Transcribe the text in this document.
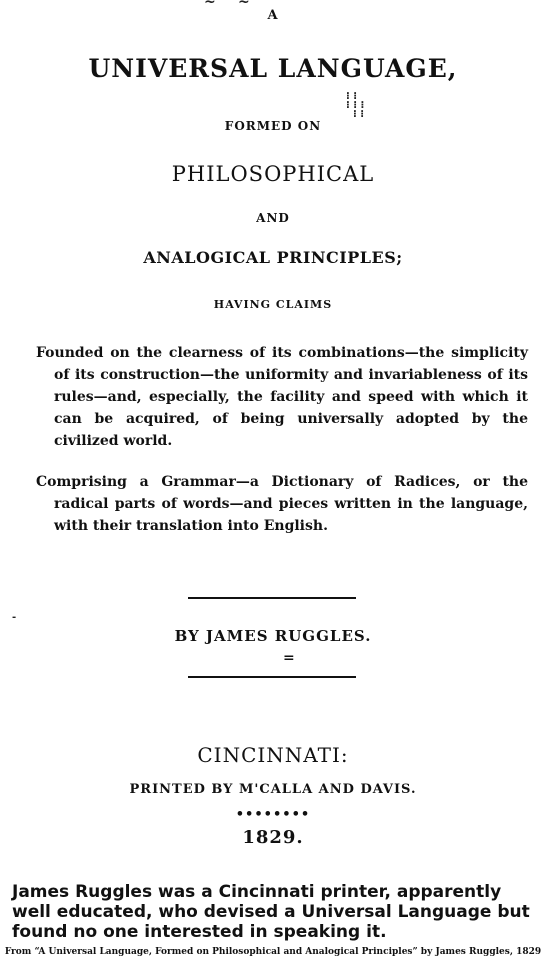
~ ~
⁝ ⁝
⁝ ⁝ ⁝
⁝ ⁝
-
A
UNIVERSAL LANGUAGE,
FORMED ON
PHILOSOPHICAL
AND
ANALOGICAL PRINCIPLES;
HAVING CLAIMS
Founded on the clearness of its combinations—the simplicity of its construction—the uniformity and invariableness of its rules—and, especially, the facility and speed with which it can be acquired, of being universally adopted by the civilized world.
Comprising a Grammar—a Dictionary of Radices, or the radical parts of words—and pieces written in the language, with their translation into English.
BY JAMES RUGGLES.
=
CINCINNATI:
PRINTED BY M'CALLA AND DAVIS.
••••••••
1829.
James Ruggles was a Cincinnati printer, apparently well educated, who devised a Universal Language but found no one interested in speaking it.
From “A Universal Language, Formed on Philosophical and Analogical Principles” by James Ruggles, 1829
